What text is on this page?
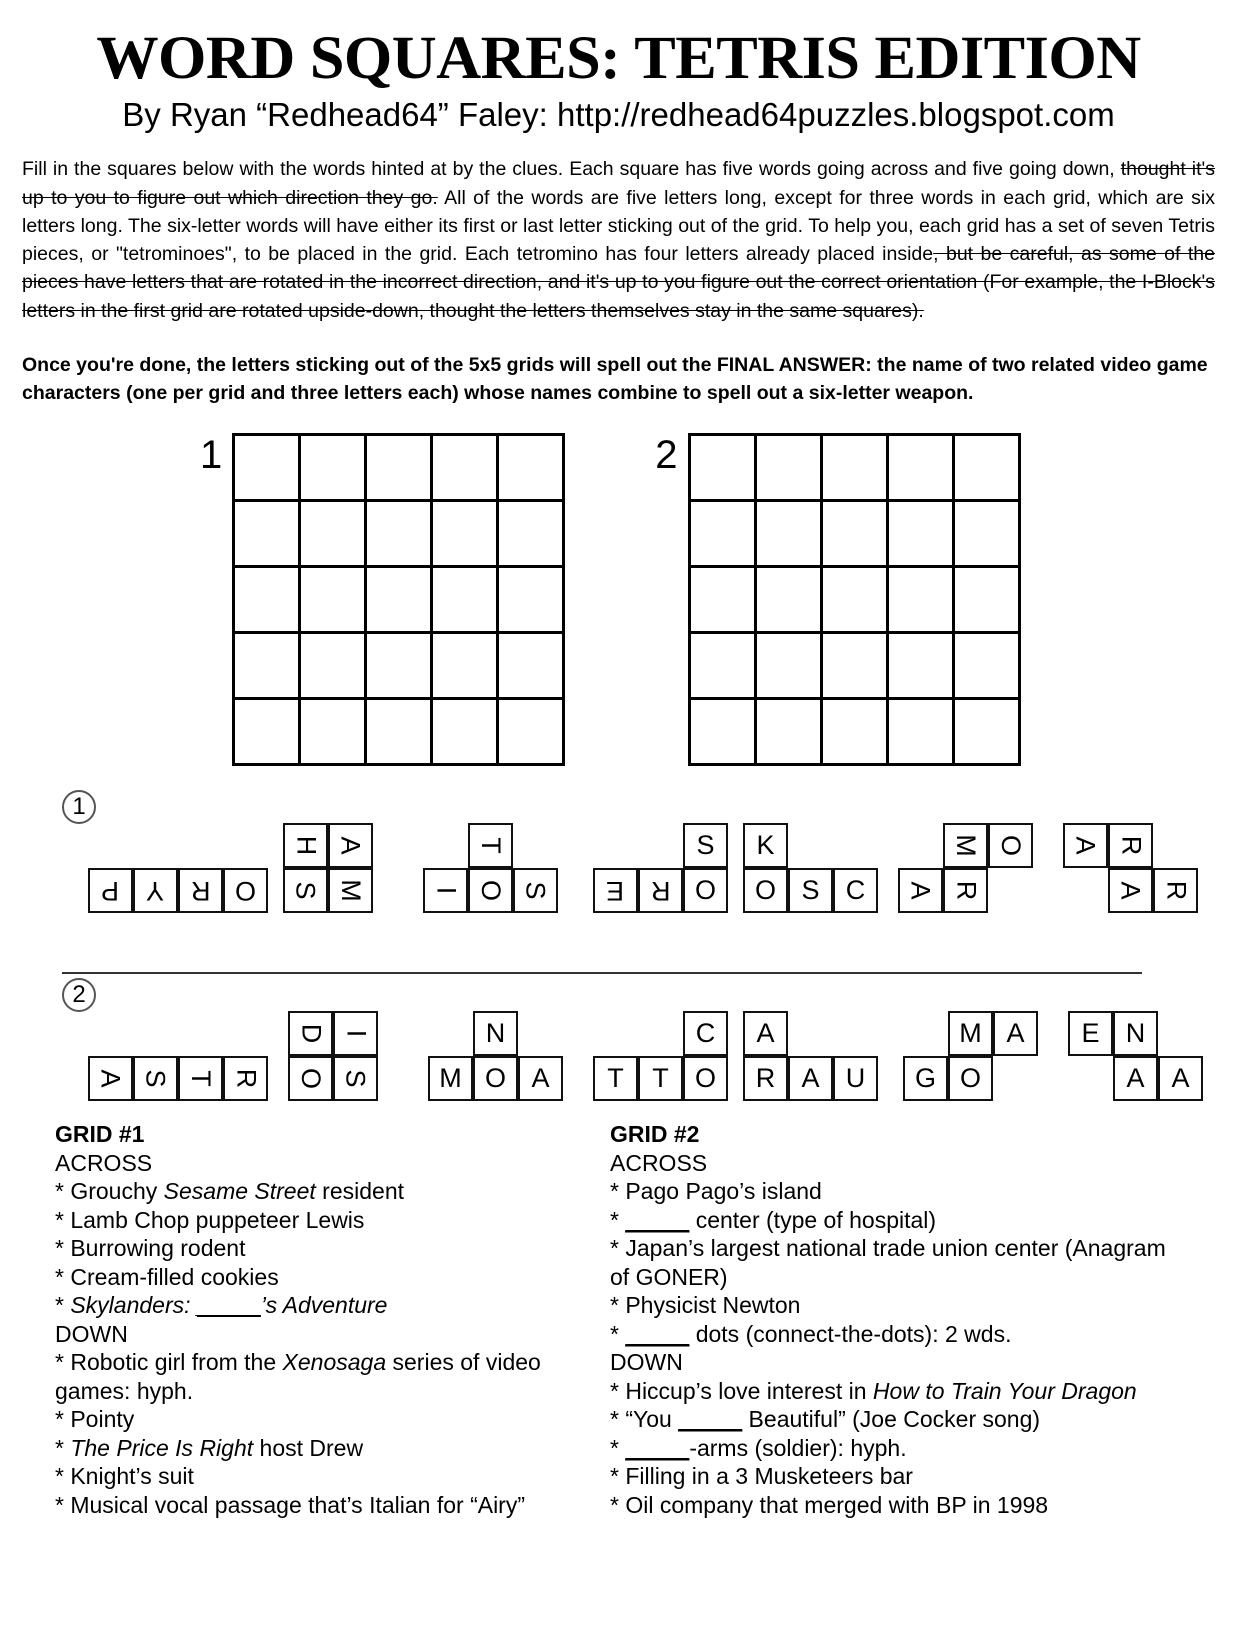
WORD SQUARES: TETRIS EDITION
By Ryan “Redhead64” Faley: http://redhead64puzzles.blogspot.com

Fill in the squares below with the words hinted at by the clues. Each square has five words going across and five going down, thought it's up to you to figure out which direction they go. All of the words are five letters long, except for three words in each grid, which are six letters long. The six-letter words will have either its first or last letter sticking out of the grid. To help you, each grid has a set of seven Tetris pieces, or "tetrominoes", to be placed in the grid. Each tetromino has four letters already placed inside, but be careful, as some of the pieces have letters that are rotated in the incorrect direction, and it's up to you figure out the correct orientation (For example, the I-Block's letters in the first grid are rotated upside-down, thought the letters themselves stay in the same squares).

Once you're done, the letters sticking out of the 5x5 grids will spell out the FINAL ANSWER: the name of two related video game characters (one per grid and three letters each) whose names combine to spell out a six-letter weapon.

1	2
1
P Y R O
H A
S M
T
I O S
S
E R O
K
O S C
M O
A R
A R
A R
2
A S T R
D I
O S
N
M O A
C
T	T O
A
R A U
M A
G O
E N
A A
GRID #1
ACROSS
* Grouchy Sesame Street resident
* Lamb Chop puppeteer Lewis
* Burrowing rodent
* Cream-filled cookies
* Skylanders: _____’s Adventure
DOWN
* Robotic girl from the Xenosaga series of video games: hyph.
* Pointy
* The Price Is Right host Drew
* Knight’s suit
* Musical vocal passage that’s Italian for “Airy”
GRID #2
ACROSS
* Pago Pago’s island
* _____ center (type of hospital)
* Japan’s largest national trade union center (Anagram of GONER)
* Physicist Newton
* _____ dots (connect-the-dots): 2 wds.
DOWN
* Hiccup’s love interest in How to Train Your Dragon
* “You _____ Beautiful” (Joe Cocker song)
* _____-arms (soldier): hyph.
* Filling in a 3 Musketeers bar
* Oil company that merged with BP in 1998
